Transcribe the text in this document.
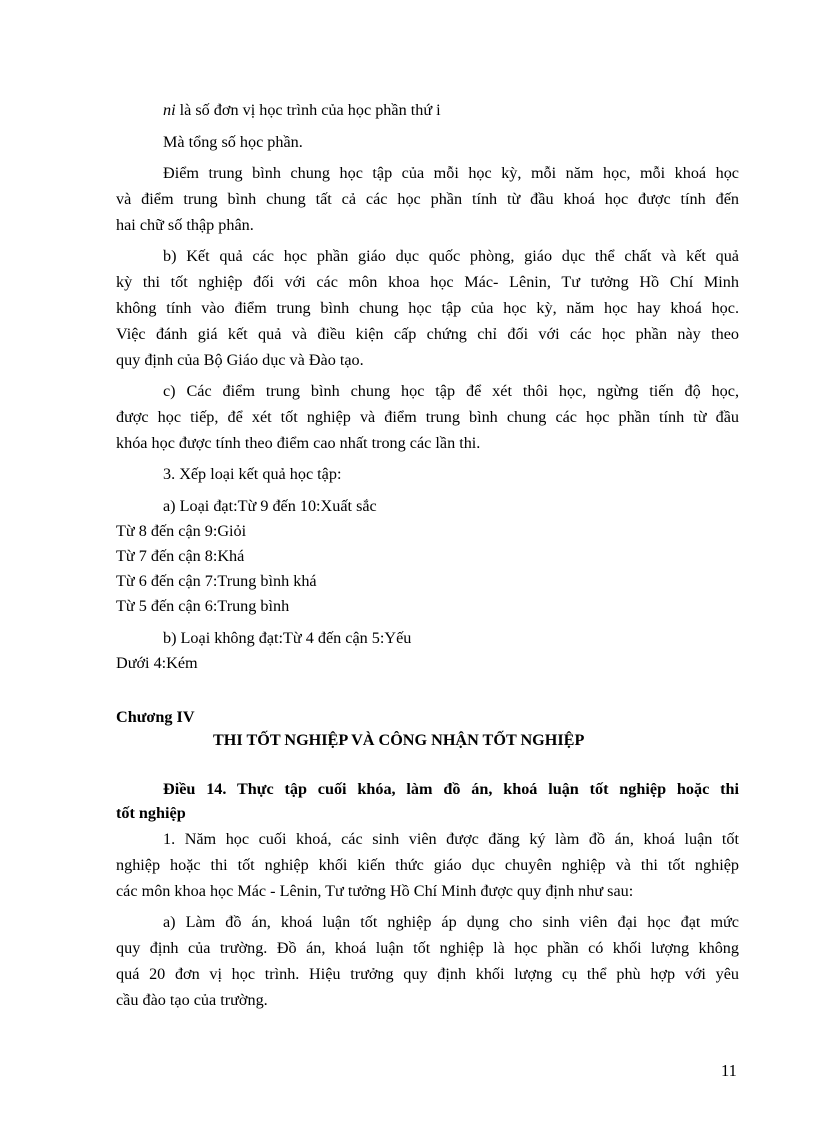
ni là số đơn vị học trình của học phần thứ i
Mà tổng số học phần.
Điểm trung bình chung học tập của mỗi học kỳ, mỗi năm học, mỗi khoá học
và điểm trung bình chung tất cả các học phần tính từ đầu khoá học được tính đến
hai chữ số thập phân.
b) Kết quả các học phần giáo dục quốc phòng, giáo dục thể chất và kết quả
kỳ thi tốt nghiệp đối với các môn khoa học Mác- Lênin, Tư tưởng Hồ Chí Minh
không tính vào điểm trung bình chung học tập của học kỳ, năm học hay khoá học.
Việc đánh giá kết quả và điều kiện cấp chứng chỉ đối với các học phần này theo
quy định của Bộ Giáo dục và Đào tạo.
c) Các điểm trung bình chung học tập để xét thôi học, ngừng tiến độ học,
được học tiếp, để xét tốt nghiệp và điểm trung bình chung các học phần tính từ đầu
khóa học được tính theo điểm cao nhất trong các lần thi.
3. Xếp loại kết quả học tập:
a) Loại đạt:Từ 9 đến 10:Xuất sắc
Từ 8 đến cận 9:Giỏi
Từ 7 đến cận 8:Khá
Từ 6 đến cận 7:Trung bình khá
Từ 5 đến cận 6:Trung bình
b) Loại không đạt:Từ 4 đến cận 5:Yếu
Dưới 4:Kém
Chương IV
THI TỐT NGHIỆP VÀ CÔNG NHẬN TỐT NGHIỆP
Điều 14. Thực tập cuối khóa, làm đồ án, khoá luận tốt nghiệp hoặc thi
tốt nghiệp
1. Năm học cuối khoá, các sinh viên được đăng ký làm đồ án, khoá luận tốt
nghiệp hoặc thi tốt nghiệp khối kiến thức giáo dục chuyên nghiệp và thi tốt nghiệp
các môn khoa học Mác - Lênin, Tư tưởng Hồ Chí Minh được quy định như sau:
a) Làm đồ án, khoá luận tốt nghiệp áp dụng cho sinh viên đại học đạt mức
quy định của trường. Đồ án, khoá luận tốt nghiệp là học phần có khối lượng không
quá 20 đơn vị học trình. Hiệu trưởng quy định khối lượng cụ thể phù hợp với yêu
cầu đào tạo của trường.
11
